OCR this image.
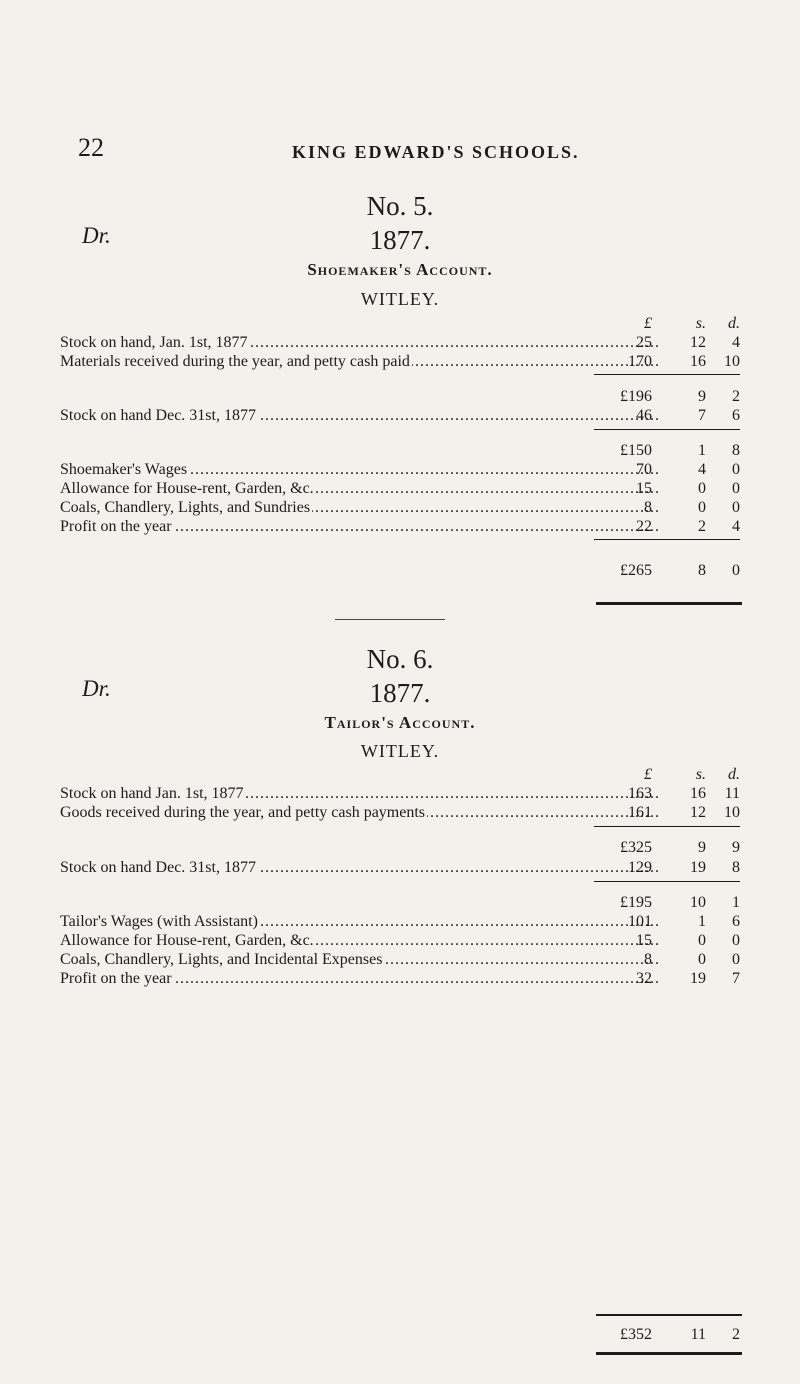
22	KING EDWARD'S SCHOOLS.
No. 5.
Dr.	1877.
Shoemaker's Account.
WITLEY.
£	s.	d.
Stock on hand, Jan. 1st, 1877 .....	25	12	4
Materials received during the year, and petty cash paid .....	170	16	10
£196	9	2
Stock on hand Dec. 31st, 1877 .....	46	7	6
£150	1	8
Shoemaker's Wages .....	70	4	0
Allowance for House-rent, Garden, &c. .....	15	0	0
Coals, Chandlery, Lights, and Sundries .....	8	0	0
Profit on the year .....	22	2	4
£265	8	0
No. 6.
Dr.	1877.
Tailor's Account.
WITLEY.
£	s.	d.
Stock on hand Jan. 1st, 1877 .....	163	16	11
Goods received during the year, and petty cash payments .....	161	12	10
£325	9	9
Stock on hand Dec. 31st, 1877 .....	129	19	8
£195	10	1
Tailor's Wages (with Assistant) .....	101	1	6
Allowance for House-rent, Garden, &c. .....	15	0	0
Coals, Chandlery, Lights, and Incidental Expenses .....	8	0	0
Profit on the year .....	32	19	7
£352	11	2
